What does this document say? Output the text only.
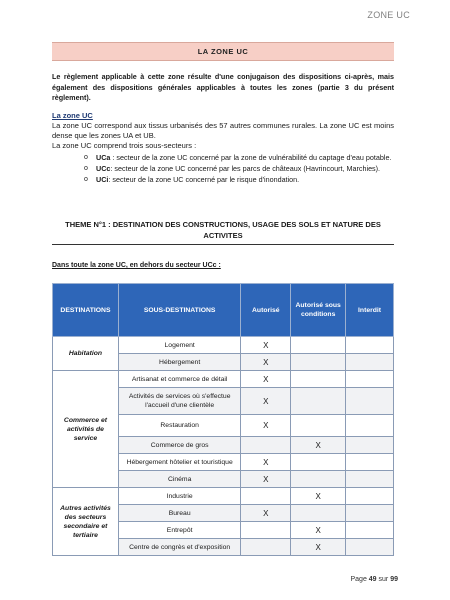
ZONE UC
LA ZONE UC
Le règlement applicable à cette zone résulte d'une conjugaison des dispositions ci-après, mais également des dispositions générales applicables à toutes les zones (partie 3 du présent règlement).
La zone UC
La zone UC correspond aux tissus urbanisés des 57 autres communes rurales. La zone UC est moins dense que les zones UA et UB.
La zone UC comprend trois sous-secteurs :
o UCa : secteur de la zone UC concerné par la zone de vulnérabilité du captage d'eau potable.
o UCc: secteur de la zone UC concerné par les parcs de châteaux (Havrincourt, Marchies).
o UCi: secteur de la zone UC concerné par le risque d'inondation.
THEME N°1 : DESTINATION DES CONSTRUCTIONS, USAGE DES SOLS ET NATURE DES ACTIVITES
Dans toute la zone UC, en dehors du secteur UCc :
DESTINATIONS	SOUS-DESTINATIONS	Autorisé	Autorisé sous conditions	Interdit
Habitation	Logement	X		
	Hébergement	X		
Commerce et activités de service	Artisanat et commerce de détail	X		
	Activités de services où s'effectue l'accueil d'une clientèle	X		
	Restauration	X		
	Commerce de gros		X	
	Hébergement hôtelier et touristique	X		
	Cinéma	X		
Autres activités des secteurs secondaire et tertiaire	Industrie		X	
	Bureau	X		
	Entrepôt		X	
	Centre de congrès et d'exposition		X	
Page 49 sur 99
